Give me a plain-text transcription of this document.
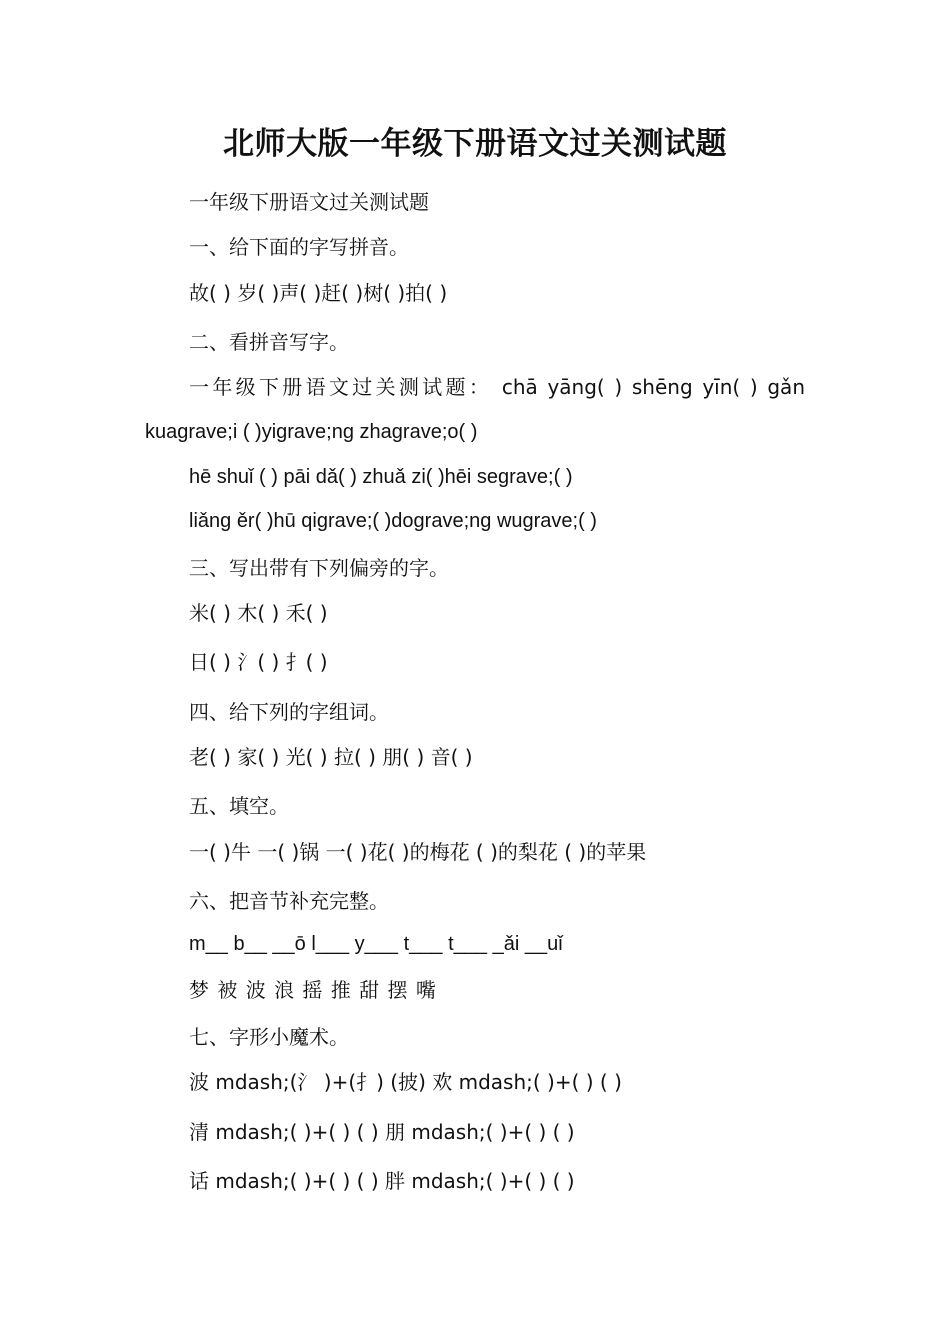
北师大版一年级下册语文过关测试题
一年级下册语文过关测试题
一、给下面的字写拼音。
故( ) 岁( )声( )赶( )树( )拍( )
二、看拼音写字。
一年级下册语文过关测试题： chā yāng( ) shēng yīn( ) gǎn
kuagrave;i ( )yigrave;ng zhagrave;o( )
hē shuǐ ( ) pāi dǎ( ) zhuǎ zi( )hēi segrave;( )
liǎng ěr( )hū qigrave;( )dograve;ng wugrave;( )
三、写出带有下列偏旁的字。
米( ) 木( ) 禾( )
日( ) 氵( ) 扌( )
四、给下列的字组词。
老( ) 家( ) 光( ) 拉( ) 朋( ) 音( )
五、填空。
一( )牛 一( )锅 一( )花( )的梅花 ( )的梨花 ( )的苹果
六、把音节补充完整。
m__ b__ __ō l___ y___ t___ t___ _ǎi __uǐ
梦 被 波 浪 摇 推 甜 摆 嘴
七、字形小魔术。
波 mdash;(氵 )+(扌) (披) 欢 mdash;( )+( ) ( )
清 mdash;( )+( ) ( ) 朋 mdash;( )+( ) ( )
话 mdash;( )+( ) ( ) 胖 mdash;( )+( ) ( )
